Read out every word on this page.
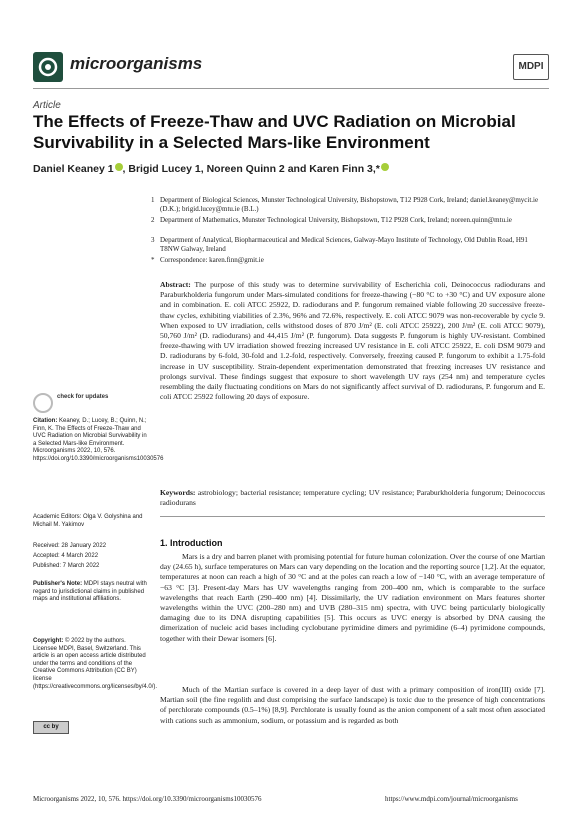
microorganisms	MDPI
Article
The Effects of Freeze-Thaw and UVC Radiation on Microbial Survivability in a Selected Mars-like Environment
Daniel Keaney 1 , Brigid Lucey 1, Noreen Quinn 2 and Karen Finn 3,*
1 Department of Biological Sciences, Munster Technological University, Bishopstown, T12 P928 Cork, Ireland; daniel.keaney@mycit.ie (D.K.); brigid.lucey@mtu.ie (B.L.)
2 Department of Mathematics, Munster Technological University, Bishopstown, T12 P928 Cork, Ireland; noreen.quinn@mtu.ie
3 Department of Analytical, Biopharmaceutical and Medical Sciences, Galway-Mayo Institute of Technology, Old Dublin Road, H91 T8NW Galway, Ireland
* Correspondence: karen.finn@gmit.ie
Abstract: The purpose of this study was to determine survivability of Escherichia coli, Deinococcus radiodurans and Paraburkholderia fungorum under Mars-simulated conditions for freeze-thawing (−80 °C to +30 °C) and UV exposure alone and in combination. E. coli ATCC 25922, D. radiodurans and P. fungorum remained viable following 20 successive freeze-thaw cycles, exhibiting viabilities of 2.3%, 96% and 72.6%, respectively. E. coli ATCC 9079 was non-recoverable by cycle 9. When exposed to UV irradiation, cells withstood doses of 870 J/m² (E. coli ATCC 25922), 200 J/m² (E. coli ATCC 9079), 50,760 J/m² (D. radiodurans) and 44,415 J/m² (P. fungorum). Data suggests P. fungorum is highly UV-resistant. Combined freeze-thawing with UV irradiation showed freezing increased UV resistance in E. coli ATCC 25922, E. coli DSM 9079 and D. radiodurans by 6-fold, 30-fold and 1.2-fold, respectively. Conversely, freezing caused P. fungorum to exhibit a 1.75-fold increase in UV susceptibility. Strain-dependent experimentation demonstrated that freezing increases UV resistance and prolongs survival. These findings suggest that exposure to short wavelength UV rays (254 nm) and temperature cycles resembling the daily fluctuating conditions on Mars do not significantly affect survival of D. radiodurans, P. fungorum and E. coli ATCC 25922 following 20 days of exposure.
Keywords: astrobiology; bacterial resistance; temperature cycling; UV resistance; Paraburkholderia fungorum; Deinococcus radiodurans
check for updates
Citation: Keaney, D.; Lucey, B.; Quinn, N.; Finn, K. The Effects of Freeze-Thaw and UVC Radiation on Microbial Survivability in a Selected Mars-like Environment. Microorganisms 2022, 10, 576. https://doi.org/10.3390/microorganisms10030576
Academic Editors: Olga V. Golyshina and Michail M. Yakimov
Received: 28 January 2022
Accepted: 4 March 2022
Published: 7 March 2022
Publisher's Note: MDPI stays neutral with regard to jurisdictional claims in published maps and institutional affiliations.
cc by
Copyright: © 2022 by the authors. Licensee MDPI, Basel, Switzerland. This article is an open access article distributed under the terms and conditions of the Creative Commons Attribution (CC BY) license (https://creativecommons.org/licenses/by/4.0/).
1. Introduction
Mars is a dry and barren planet with promising potential for future human colonization. Over the course of one Martian day (24.65 h), surface temperatures on Mars can vary depending on the location and the reporting source [1,2]. At the equator, temperatures at noon can reach a high of 30 °C and at the poles can reach a low of −140 °C, with an average temperature of −63 °C [3]. Present-day Mars has UV wavelengths ranging from 200–400 nm, which is comparable to the surface wavelengths that reach Earth (290–400 nm) [4]. Dissimilarly, the UV radiation environment on Mars features shorter wavelengths within the UVC (200–280 nm) and UVB (280–315 nm) spectra, with UVC being particularly biologically damaging due to its DNA disrupting capabilities [5]. This occurs as UVC energy is absorbed by DNA causing the dimerization of nucleic acid bases including cyclobutane pyrimidine dimers and pyrimidine (6–4) pyrimidone compounds, together with their Dewar isomers [6].
Much of the Martian surface is covered in a deep layer of dust with a primary composition of iron(III) oxide [7]. Martian soil (the fine regolith and dust comprising the surface landscape) is toxic due to the presence of high concentrations of perchlorate compounds (0.5–1%) [8,9]. Perchlorate is usually found as the anion component of a salt most often associated with cations such as ammonium, sodium, or potassium and is regarded as both
Microorganisms 2022, 10, 576. https://doi.org/10.3390/microorganisms10030576	https://www.mdpi.com/journal/microorganisms
